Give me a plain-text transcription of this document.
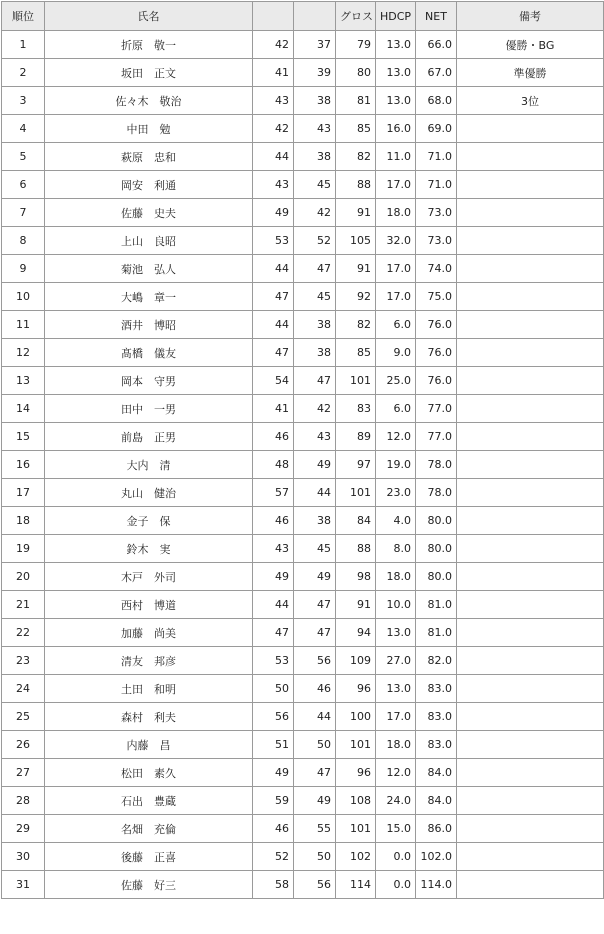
順位	氏名			グロス	HDCP	NET	備考
1	折原　敬一	42	37	79	13.0	66.0	優勝・BG
2	坂田　正文	41	39	80	13.0	67.0	準優勝
3	佐々木　敬治	43	38	81	13.0	68.0	3位
4	中田　勉	42	43	85	16.0	69.0	
5	萩原　忠和	44	38	82	11.0	71.0	
6	岡安　利通	43	45	88	17.0	71.0	
7	佐藤　史夫	49	42	91	18.0	73.0	
8	上山　良昭	53	52	105	32.0	73.0	
9	菊池　弘人	44	47	91	17.0	74.0	
10	大嶋　章一	47	45	92	17.0	75.0	
11	酒井　博昭	44	38	82	6.0	76.0	
12	髙橋　儀友	47	38	85	9.0	76.0	
13	岡本　守男	54	47	101	25.0	76.0	
14	田中　一男	41	42	83	6.0	77.0	
15	前島　正男	46	43	89	12.0	77.0	
16	大内　清	48	49	97	19.0	78.0	
17	丸山　健治	57	44	101	23.0	78.0	
18	金子　保	46	38	84	4.0	80.0	
19	鈴木　実	43	45	88	8.0	80.0	
20	木戸　外司	49	49	98	18.0	80.0	
21	西村　博道	44	47	91	10.0	81.0	
22	加藤　尚美	47	47	94	13.0	81.0	
23	清友　邦彦	53	56	109	27.0	82.0	
24	土田　和明	50	46	96	13.0	83.0	
25	森村　利夫	56	44	100	17.0	83.0	
26	内藤　昌	51	50	101	18.0	83.0	
27	松田　素久	49	47	96	12.0	84.0	
28	石出　豊蔵	59	49	108	24.0	84.0	
29	名畑　充倫	46	55	101	15.0	86.0	
30	後藤　正喜	52	50	102	0.0	102.0	
31	佐藤　好三	58	56	114	0.0	114.0	
